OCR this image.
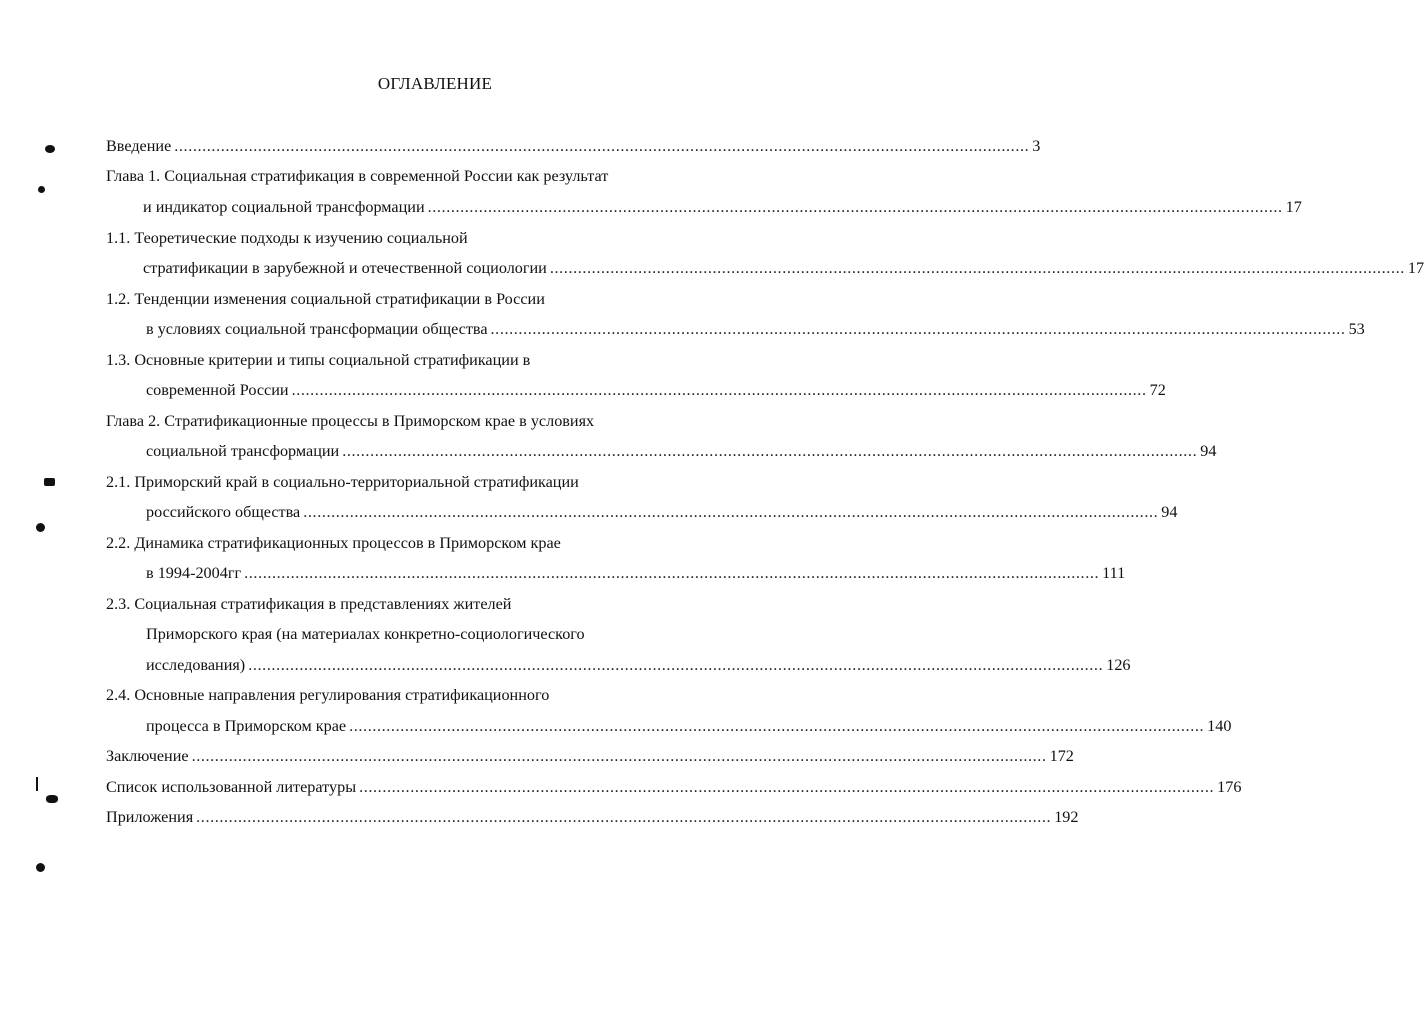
ОГЛАВЛЕНИЕ
Введение ........................................................................................................................................................................................ 3
Глава 1. Социальная стратификация в современной России как результат
и индикатор социальной трансформации ........................................................................................................................................................................................ 17
1.1. Теоретические подходы к изучению социальной
стратификации в зарубежной и отечественной социологии ........................................................................................................................................................................................ 17
1.2. Тенденции изменения социальной стратификации в России
в условиях социальной трансформации общества ........................................................................................................................................................................................ 53
1.3. Основные критерии и типы социальной стратификации в
современной России ........................................................................................................................................................................................ 72
Глава 2. Стратификационные процессы в Приморском крае в условиях
социальной трансформации ........................................................................................................................................................................................ 94
2.1. Приморский край в социально-территориальной стратификации
российского общества ........................................................................................................................................................................................ 94
2.2. Динамика стратификационных процессов в Приморском крае
в 1994-2004гг ........................................................................................................................................................................................ 111
2.3. Социальная стратификация в представлениях жителей
Приморского края (на материалах конкретно-социологического
исследования) ........................................................................................................................................................................................ 126
2.4. Основные направления регулирования стратификационного
процесса в Приморском крае ........................................................................................................................................................................................ 140
Заключение ........................................................................................................................................................................................ 172
Список использованной литературы ........................................................................................................................................................................................ 176
Приложения ........................................................................................................................................................................................ 192
